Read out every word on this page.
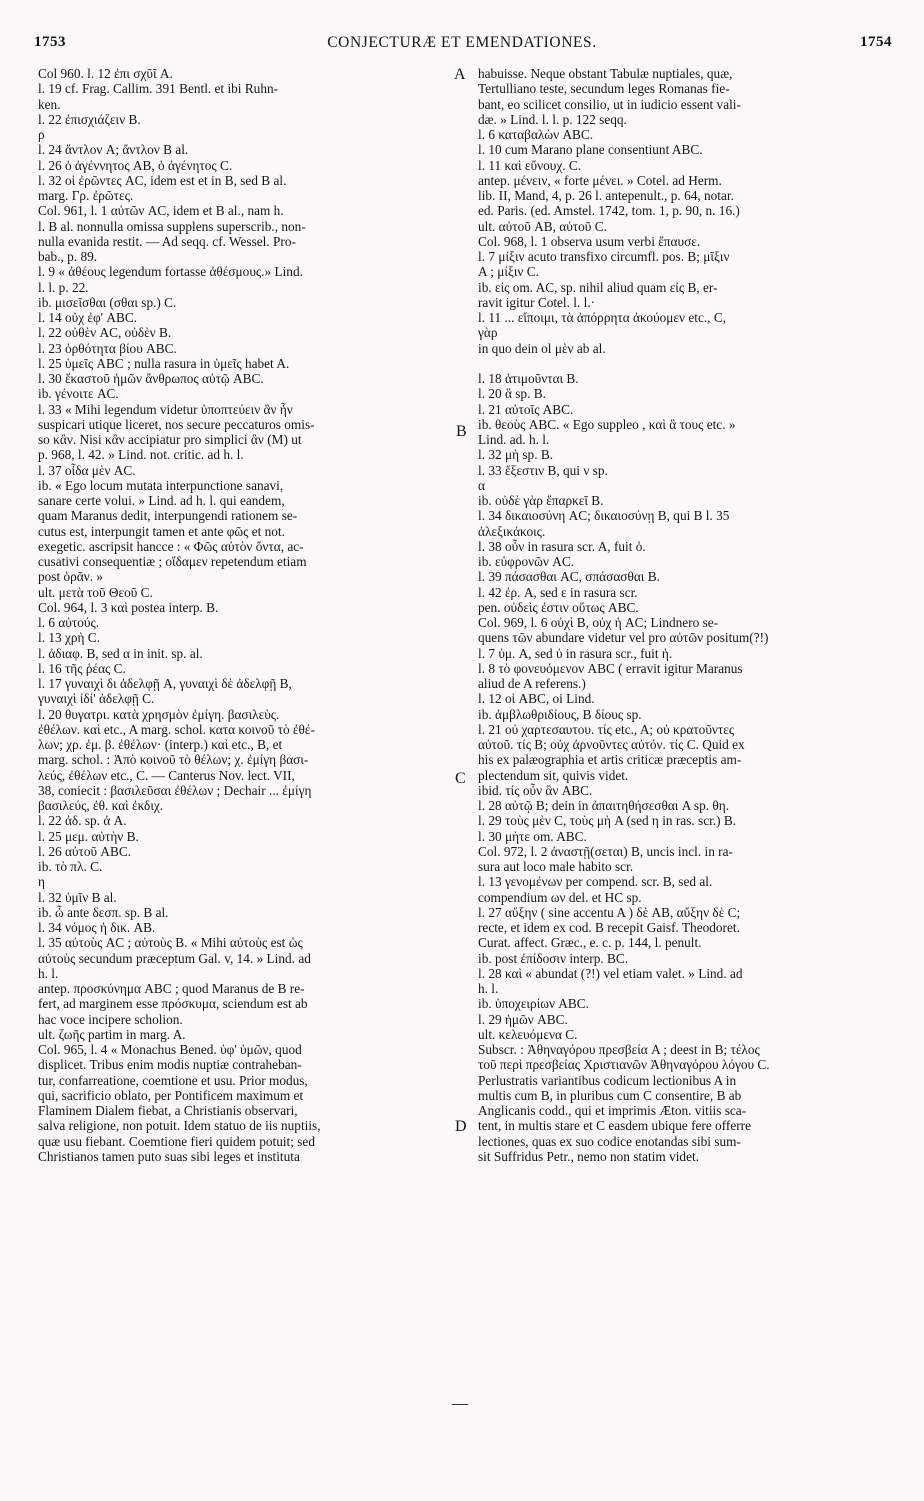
1753	CONJECTURÆ ET EMENDATIONES.	1754
Col 960. l. 12 ἐπι σχῦῖ A.
l. 19 cf. Frag. Callim. 391 Bentl. et ibi Ruhn-
ken.
l. 22 ἐπισχιάζειν B.
ρ
l. 24 ἄντλον A; ἄντλον B al.
l. 26 ὁ ἀγέννητος AB, ὁ ἀγένητος C.
l. 32 οἱ ἐρῶντες AC, idem est et in B, sed B al.
marg. Γρ. ἐρῶτες.
Col. 961, l. 1 αὐτῶν AC, idem et B al., nam h.
l. B al. nonnulla omissa supplens superscrib., non-
nulla evanida restit. — Ad seqq. cf. Wessel. Pro-
bab., p. 89.
l. 9 « ἀθέους legendum fortasse ἀθέσμους.» Lind.
l. l. p. 22.
ib. μισεῖσθαι (σθαι sp.) C.
l. 14 οὐχ ἐφ' ABC.
l. 22 οὐθὲν AC, οὐδὲν B.
l. 23 ὀρθότητα βίου ABC.
l. 25 ὑμεῖς ABC ; nulla rasura in ὑμεῖς habet A.
l. 30 ἕκαστοῦ ἡμῶν ἄνθρωπος αὐτῷ ABC.
ib. γένοιτε AC.
l. 33 « Mihi legendum videtur ὑποπτεύειν ἂν ἦν
suspicari utique liceret, nos secure peccaturos omis-
so κἂν. Nisi κἂν accipiatur pro simplici ἂν (M) ut
p. 968, l. 42. » Lind. not. critic. ad h. l.
l. 37 οἶδα μὲν AC.
ib. « Ego locum mutata interpunctione sanavi,
sanare certe volui. » Lind. ad h. l. qui eandem,
quam Maranus dedit, interpungendi rationem se-
cutus est, interpungit tamen et ante φῶς et not.
exegetic. ascripsit hancce : « Φῶς αὐτὸν ὄντα, ac-
cusativi consequentiæ ; οἴδαμεν repetendum etiam
post ὁρᾶν. »
ult. μετὰ τοῦ Θεοῦ C.
Col. 964, l. 3 καὶ postea interp. B.
l. 6 αὐτούς.
l. 13 χρὴ C.
l. ἀδιαφ. B, sed α in init. sp. al.
l. 16 τῆς ῥέας C.
l. 17 γυναιχὶ δι ἀδελφῇ A, γυναιχὶ δὲ ἀδελφῇ B,
γυναιχὶ ἰδί' ἀδελφῇ C.
l. 20 θυγατρι. κατὰ χρησμὸν ἐμίγη. βασιλεὺς.
ἐθέλων. καὶ etc., A marg. schol. κατα κοινοῦ τὸ ἐθέ-
λων; χρ. ἐμ. β. ἐθέλων· (interp.) καὶ etc., B, et
marg. schol. : Ἀπὸ κοινοῦ τὸ θέλων; χ. ἐμίγη βασι-
λεύς, ἐθέλων etc., C. — Canterus Nov. lect. VII,
38, coniecit : βασιλεῦσαι ἐθέλων ; Dechair ... ἐμίγη
βασιλεύς, ἐθ. καὶ ἐκδιχ.
l. 22 ἀδ. sp. ἀ A.
l. 25 μεμ. αὐτὴν B.
l. 26 αὐτοῦ ABC.
ib. τὸ πλ. C.
η
l. 32 ὑμῖν B al.
ib. ὦ ante δεσπ. sp. B al.
l. 34 νόμος ἡ δικ. AB.
l. 35 αὐτοὺς AC ; αὐτοὺς B. « Mihi αὐτοὺς est ὡς
αὐτοὺς secundum præceptum Gal. v, 14. » Lind. ad
h. l.
antep. προσκύνημα ABC ; quod Maranus de B re-
fert, ad marginem esse πρόσκυμα, sciendum est ab
hac voce incipere scholion.
ult. ζωῆς partim in marg. A.
Col. 965, l. 4 « Monachus Bened. ὑφ' ὑμῶν, quod
displicet. Tribus enim modis nuptiæ contraheban-
tur, confarreatione, coemtione et usu. Prior modus,
qui, sacrificio oblato, per Pontificem maximum et
Flaminem Dialem fiebat, a Christianis observari,
salva religione, non potuit. Idem statuo de iis nuptiis,
quæ usu fiebant. Coemtione fieri quidem potuit; sed
Christianos tamen puto suas sibi leges et instituta
habuisse. Neque obstant Tabulæ nuptiales, quæ,
Tertulliano teste, secundum leges Romanas fie-
bant, eo scilicet consilio, ut in iudicio essent vali-
dæ. » Lind. l. l. p. 122 seqq.
l. 6 καταβαλὼν ABC.
l. 10 cum Marano plane consentiunt ABC.
l. 11 καὶ εὔνουχ. C.
antep. μένειν, « forte μένει. » Cotel. ad Herm.
lib. II, Mand, 4, p. 26 l. antepenult., p. 64, notar.
ed. Paris. (ed. Amstel. 1742, tom. 1, p. 90, n. 16.)
ult. αὐτοῦ AB, αὐτοῦ C.
Col. 968, l. 1 observa usum verbi ἔπαυσε.
l. 7 μίξιν acuto transfixo circumfl. pos. B; μῖξιν
A ; μίξιν C.
ib. εἰς om. AC, sp. nihil aliud quam εἰς B, er-
ravit igitur Cotel. l. l.·
l. 11 ... εἴποιμι, τὰ ἀπόρρητα ἀκούομεν etc., C,
γὰρ
in quo dein ol μὲν ab al.
l. 18 ἀτιμοῦνται B.
l. 20 ἃ sp. B.
l. 21 αὐτοῖς ABC.
ib. θεοὺς ABC. « Ego suppleo , καὶ ἃ τους etc. »
Lind. ad. h. l.
l. 32 μὴ sp. B.
l. 33 ἔξεστιν B, qui ν sp.
α
ib. οὐδὲ γὰρ ἔπαρκεῖ B.
l. 34 δικαιοσύνη AC; δικαιοσύνῃ B, qui B l. 35
ἀλεξικάκοις.
l. 38 οὖν in rasura scr. A, fuit ὁ.
ib. εὐφρονῶν AC.
l. 39 πάσασθαι AC, σπάσασθαι B.
l. 42 ἐρ. A, sed ε in rasura scr.
pen. οὐδεὶς ἐστιν οὕτως ABC.
Col. 969, l. 6 οὐχὶ B, οὐχ ἡ AC; Lindnero se-
quens τῶν abundare videtur vel pro αὐτῶν positum(?!)
l. 7 ὑμ. A, sed ὑ in rasura scr., fuit ἡ.
l. 8 τὸ φονευόμενον ABC ( erravit igitur Maranus
aliud de A referens.)
l. 12 οἱ ABC, oi Lind.
ib. ἀμβλωθριδίους, B δίους sp.
l. 21 οὐ χαρτεσαυτου. τίς etc., A; οὐ κρατοῦντες
αὐτοῦ. τίς B; οὐχ ἀρνοῦντες αὐτόν. τίς C. Quid ex
his ex palæographia et artis criticæ præceptis am-
plectendum sit, quivis videt.
ibid. τίς οὖν ἂν ABC.
l. 28 αὐτῷ B; dein in ἀπαιτηθήσεσθαι A sp. θη.
l. 29 τοὺς μὲν C, τοὺς μὴ A (sed η in ras. scr.) B.
l. 30 μὴτε om. ABC.
Col. 972, l. 2 ἀναστῇ(σεται) B, uncis incl. in ra-
sura aut loco male habito scr.
l. 13 γενομένων per compend. scr. B, sed al.
compendium ων del. et HC sp.
l. 27 αὔξην ( sine accentu A ) δὲ AB, αὔξην δὲ C;
recte, et idem ex cod. B recepit Gaisf. Theodoret.
Curat. affect. Græc., e. c. p. 144, l. penult.
ib. post ἐπίδοσιν interp. BC.
l. 28 καὶ « abundat (?!) vel etiam valet. » Lind. ad
h. l.
ib. ὑποχειρίων ABC.
l. 29 ἡμῶν ABC.
ult. κελευόμενα C.
Subscr. : Ἀθηναγόρου πρεσβεία A ; deest in B; τέλος
τοῦ περὶ πρεσβείας Χριστιανῶν Ἀθηναγόρου λόγου C.
Perlustratis variantibus codicum lectionibus A in
multis cum B, in pluribus cum C consentire, B ab
Anglicanis codd., qui et imprimis Æton. vitiis sca-
tent, in multis stare et C easdem ubique fere offerre
lectiones, quas ex suo codice enotandas sibi sum-
sit Suffridus Petr., nemo non statim videt.
A
B
C
D
